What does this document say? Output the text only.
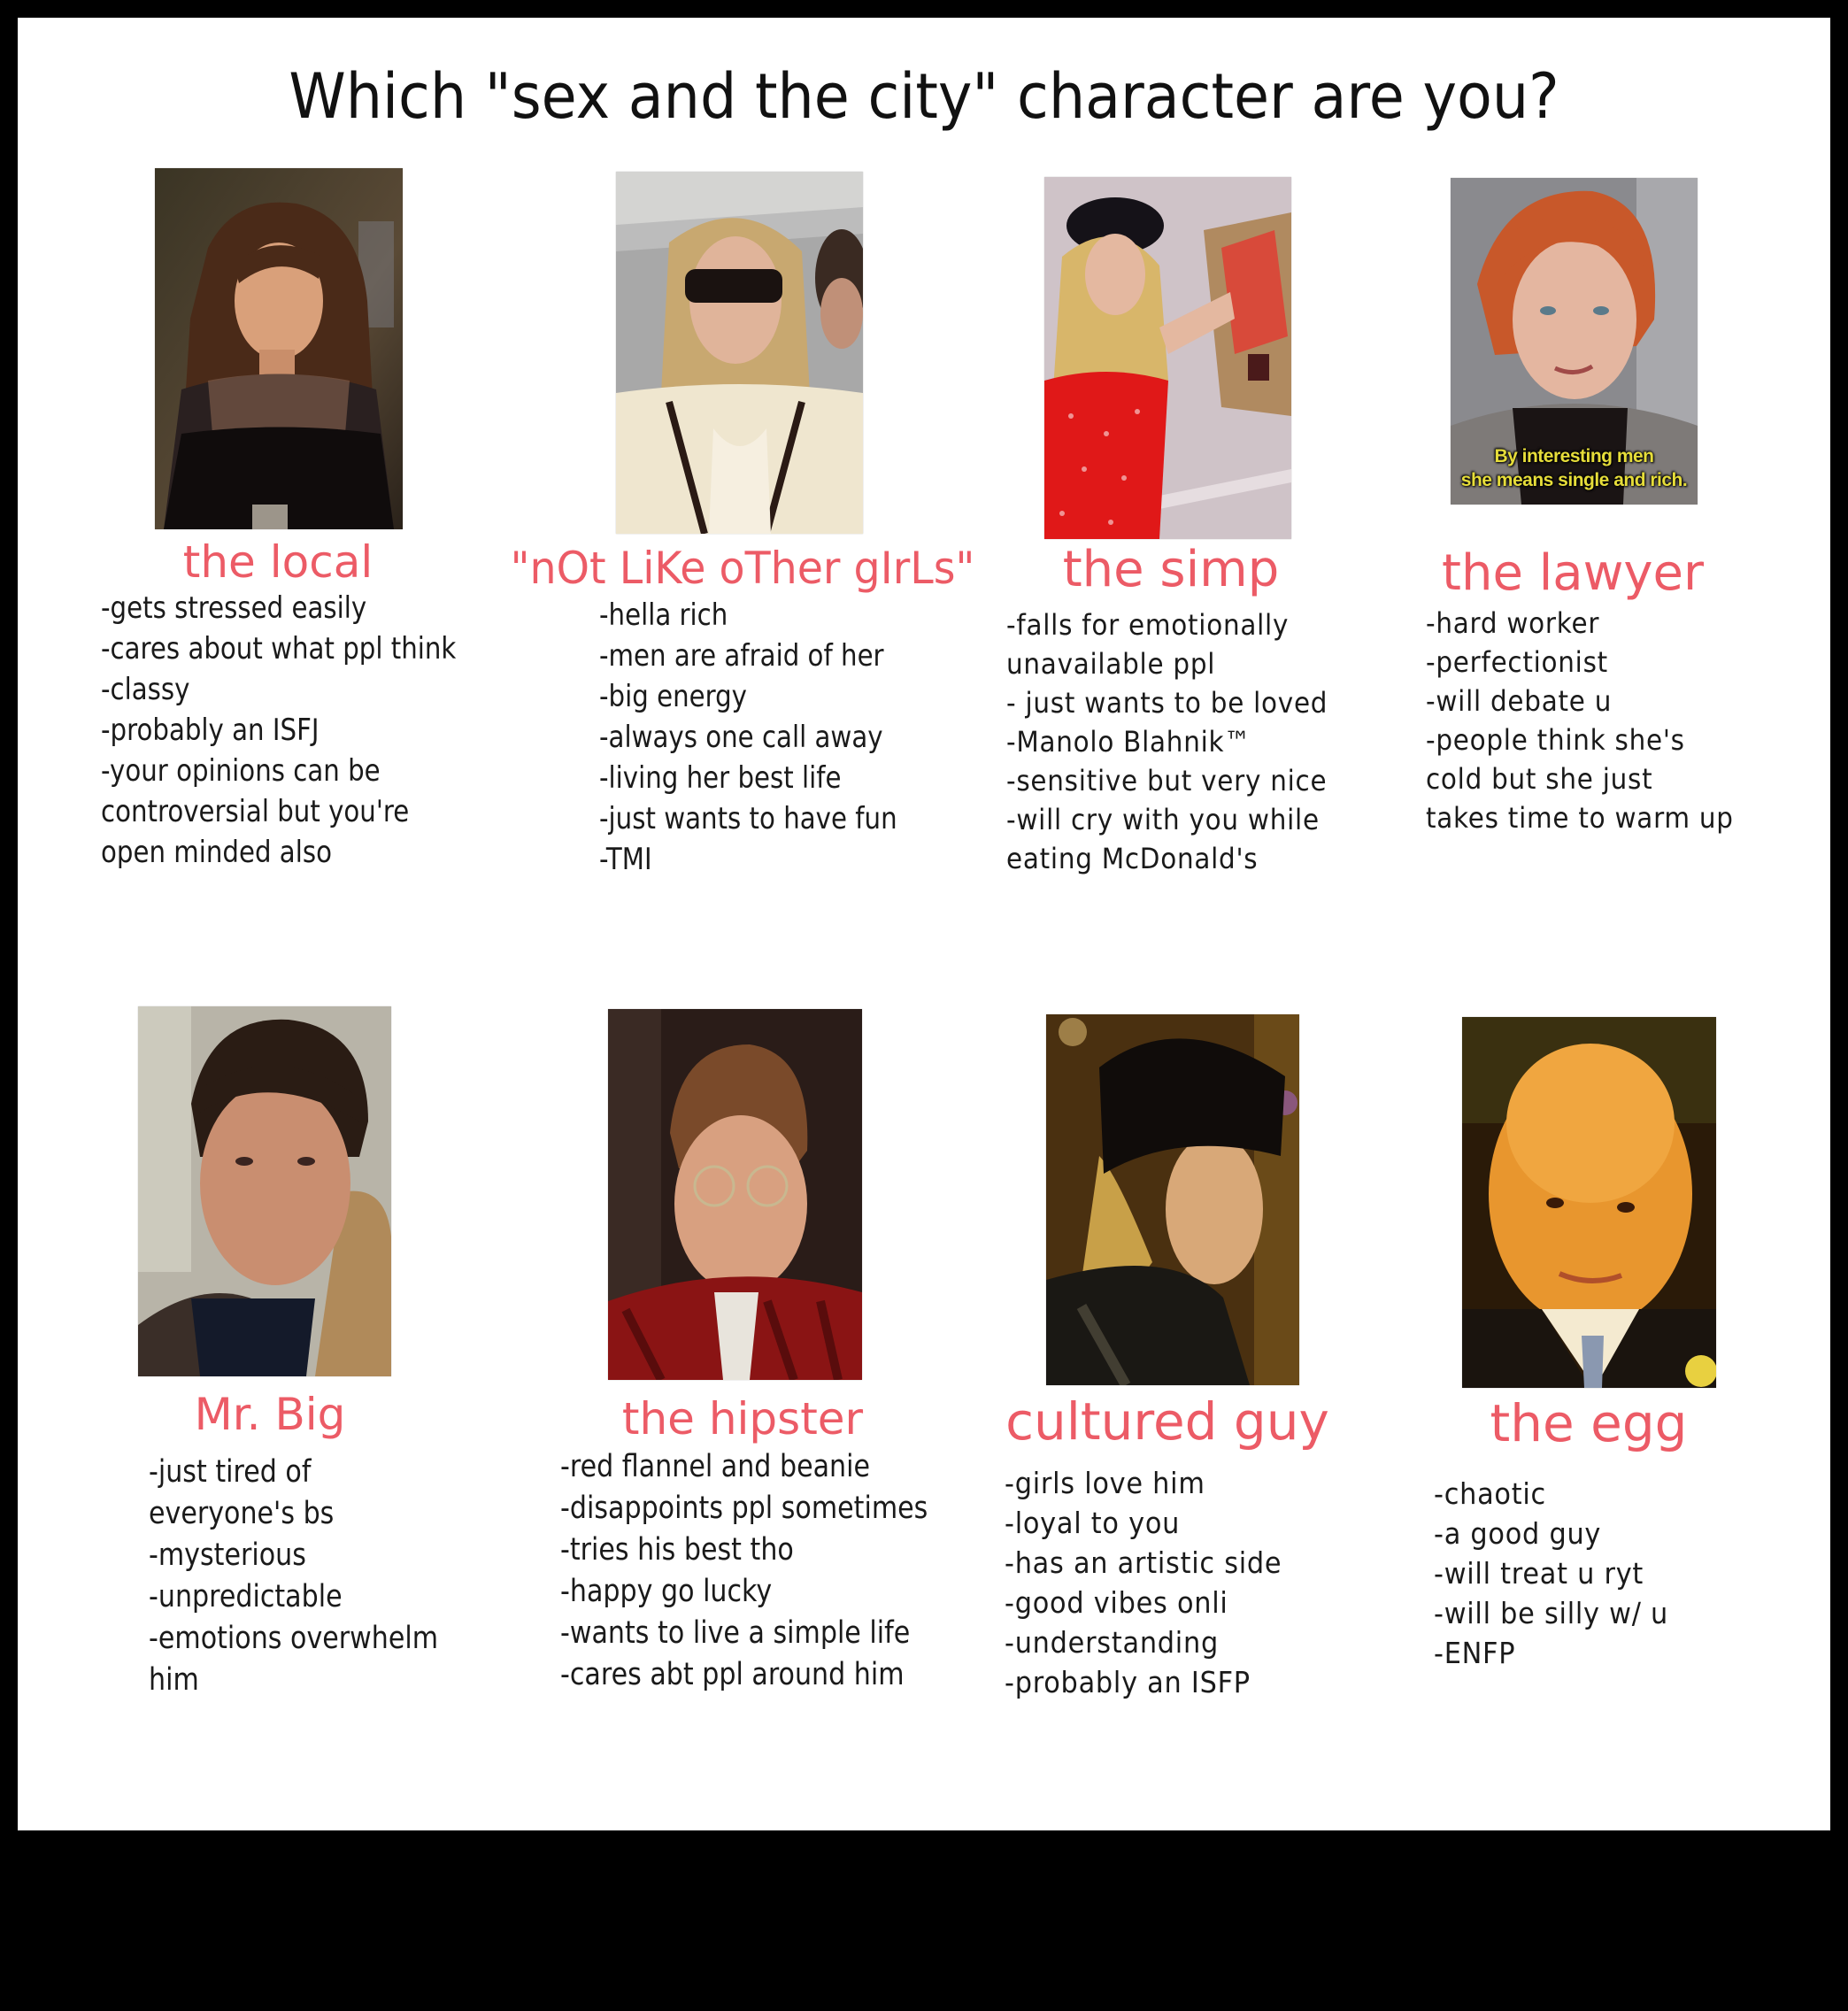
Which "sex and the city" character are you?
By interesting men
she means single and rich.
the local	"nOt LiKe oTher gIrLs"	the simp	the lawyer
-gets stressed easily
-cares about what ppl think
-classy
-probably an ISFJ
-your opinions can be
controversial but you're
open minded also
-hella rich
-men are afraid of her
-big energy
-always one call away
-living her best life
-just wants to have fun
-TMI
-falls for emotionally
unavailable ppl
- just wants to be loved
-Manolo Blahnik™
-sensitive but very nice
-will cry with you while
eating McDonald's
-hard worker
-perfectionist
-will debate u
-people think she's
cold but she just
takes time to warm up
Mr. Big	the hipster	cultured guy	the egg
-just tired of
everyone's bs
-mysterious
-unpredictable
-emotions overwhelm
him
-red flannel and beanie
-disappoints ppl sometimes
-tries his best tho
-happy go lucky
-wants to live a simple life
-cares abt ppl around him
-girls love him
-loyal to you
-has an artistic side
-good vibes onli
-understanding
-probably an ISFP
-chaotic
-a good guy
-will treat u ryt
-will be silly w/ u
-ENFP
